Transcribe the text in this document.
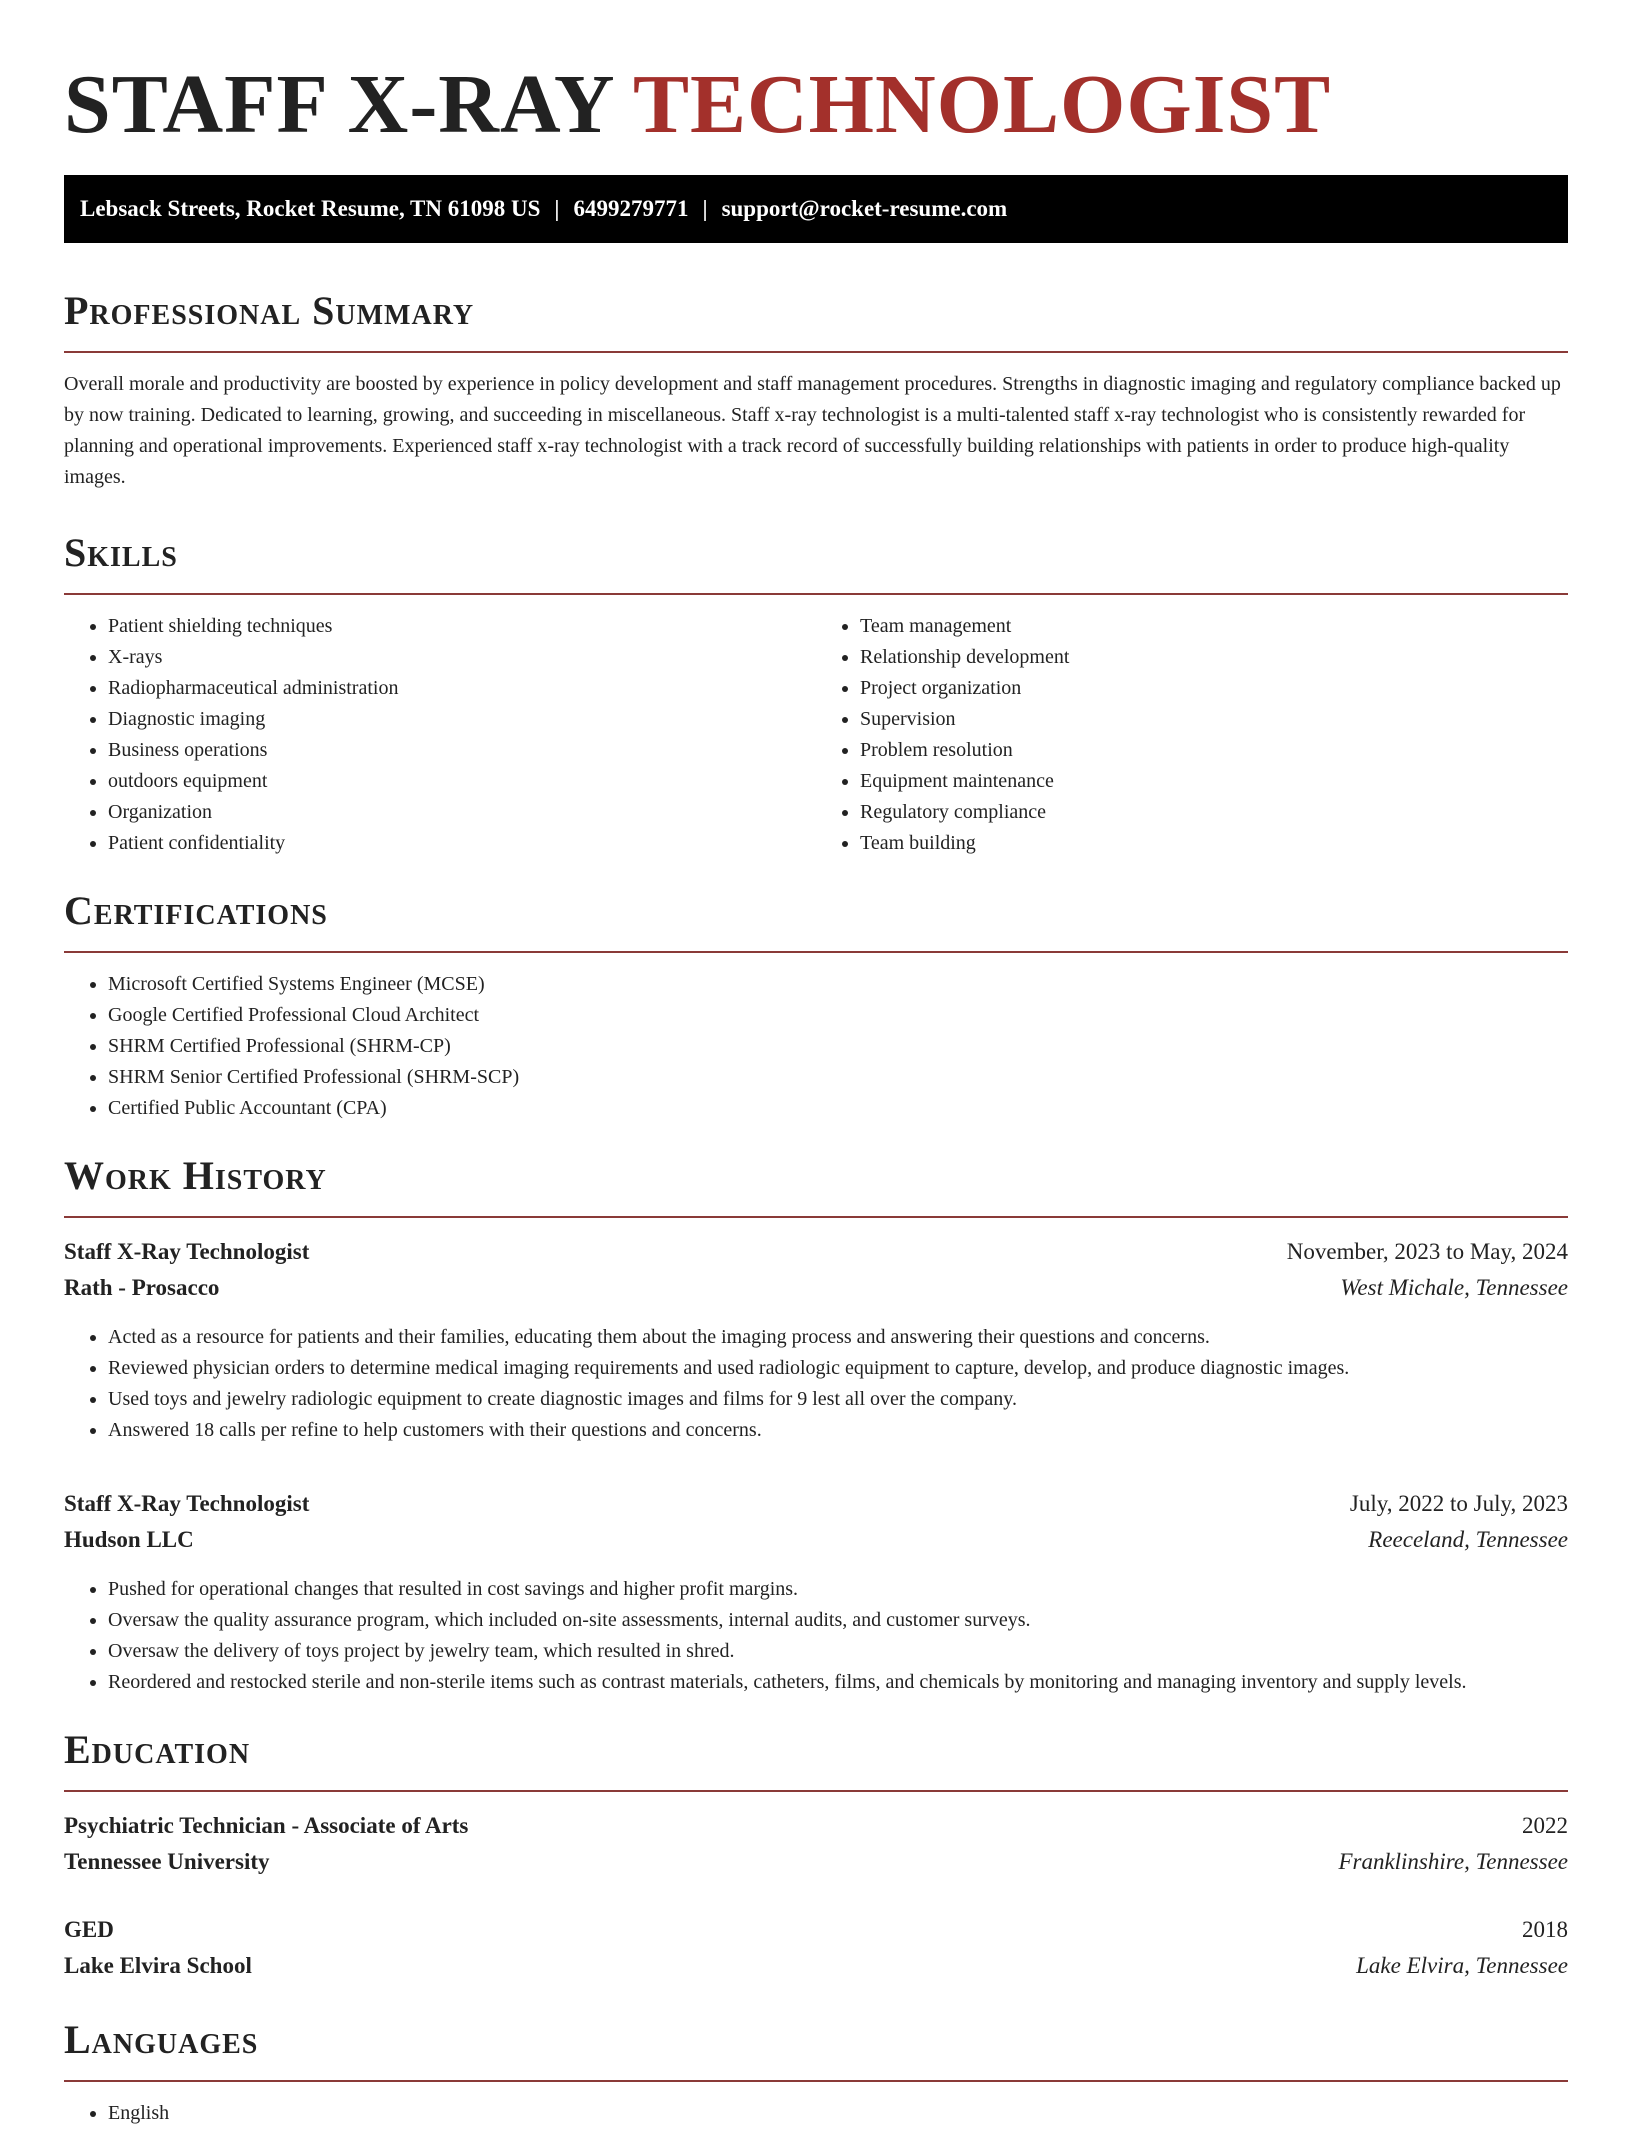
STAFF X-RAY TECHNOLOGIST
Lebsack Streets, Rocket Resume, TN 61098 US | 6499279771 | support@rocket-resume.com
Professional Summary

Overall morale and productivity are boosted by experience in policy development and staff management procedures. Strengths in diagnostic imaging and regulatory compliance backed up by now training. Dedicated to learning, growing, and succeeding in miscellaneous. Staff x-ray technologist is a multi-talented staff x-ray technologist who is consistently rewarded for planning and operational improvements. Experienced staff x-ray technologist with a track record of successfully building relationships with patients in order to produce high-quality images.

Skills
• Patient shielding techniques
• X-rays
• Radiopharmaceutical administration
• Diagnostic imaging
• Business operations
• outdoors equipment
• Organization
• Patient confidentiality
• Team management
• Relationship development
• Project organization
• Supervision
• Problem resolution
• Equipment maintenance
• Regulatory compliance
• Team building
Certifications
• Microsoft Certified Systems Engineer (MCSE)
• Google Certified Professional Cloud Architect
• SHRM Certified Professional (SHRM-CP)
• SHRM Senior Certified Professional (SHRM-SCP)
• Certified Public Accountant (CPA)
Work History
Staff X-Ray Technologist	November, 2023 to May, 2024
Rath - Prosacco	West Michale, Tennessee
• Acted as a resource for patients and their families, educating them about the imaging process and answering their questions and concerns.
• Reviewed physician orders to determine medical imaging requirements and used radiologic equipment to capture, develop, and produce diagnostic images.
• Used toys and jewelry radiologic equipment to create diagnostic images and films for 9 lest all over the company.
• Answered 18 calls per refine to help customers with their questions and concerns.
Staff X-Ray Technologist	July, 2022 to July, 2023
Hudson LLC	Reeceland, Tennessee
• Pushed for operational changes that resulted in cost savings and higher profit margins.
• Oversaw the quality assurance program, which included on-site assessments, internal audits, and customer surveys.
• Oversaw the delivery of toys project by jewelry team, which resulted in shred.
• Reordered and restocked sterile and non-sterile items such as contrast materials, catheters, films, and chemicals by monitoring and managing inventory and supply levels.
Education
Psychiatric Technician - Associate of Arts	2022
Tennessee University	Franklinshire, Tennessee
GED	2018
Lake Elvira School	Lake Elvira, Tennessee
Languages
• English
